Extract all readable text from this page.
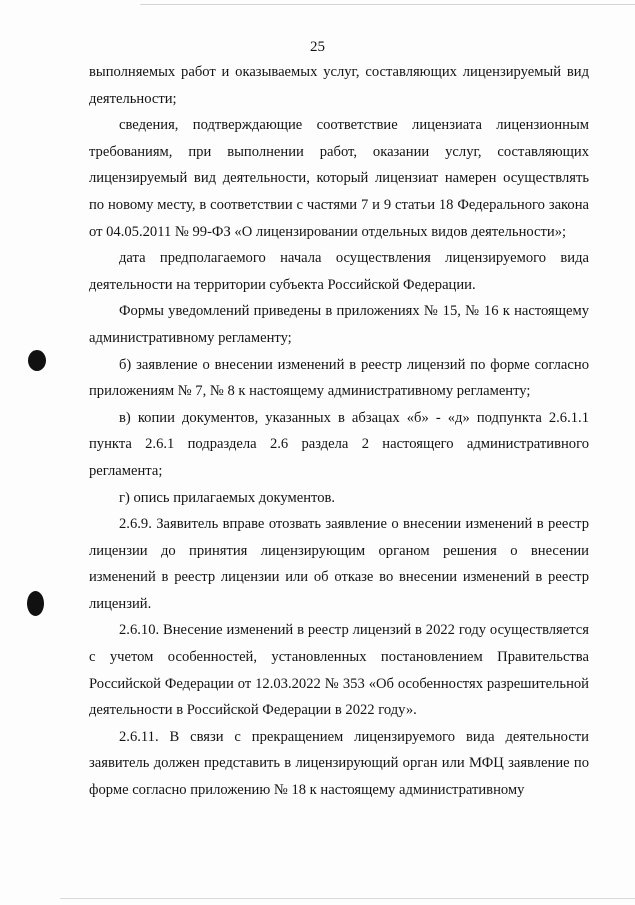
25

выполняемых работ и оказываемых услуг, составляющих лицензируемый вид деятельности;

сведения, подтверждающие соответствие лицензиата лицензионным требованиям, при выполнении работ, оказании услуг, составляющих лицензируемый вид деятельности, который лицензиат намерен осуществлять по новому месту, в соответствии с частями 7 и 9 статьи 18 Федерального закона от 04.05.2011 № 99-ФЗ «О лицензировании отдельных видов деятельности»;

дата предполагаемого начала осуществления лицензируемого вида деятельности на территории субъекта Российской Федерации.

Формы уведомлений приведены в приложениях № 15, № 16 к настоящему административному регламенту;

б) заявление о внесении изменений в реестр лицензий по форме согласно приложениям № 7, № 8 к настоящему административному регламенту;

в) копии документов, указанных в абзацах «б» - «д» подпункта 2.6.1.1 пункта 2.6.1 подраздела 2.6 раздела 2 настоящего административного регламента;

г) опись прилагаемых документов.

2.6.9. Заявитель вправе отозвать заявление о внесении изменений в реестр лицензии до принятия лицензирующим органом решения о внесении изменений в реестр лицензии или об отказе во внесении изменений в реестр лицензий.

2.6.10. Внесение изменений в реестр лицензий в 2022 году осуществляется с учетом особенностей, установленных постановлением Правительства Российской Федерации от 12.03.2022 № 353 «Об особенностях разрешительной деятельности в Российской Федерации в 2022 году».

2.6.11. В связи с прекращением лицензируемого вида деятельности заявитель должен представить в лицензирующий орган или МФЦ заявление по форме согласно приложению № 18 к настоящему административному
